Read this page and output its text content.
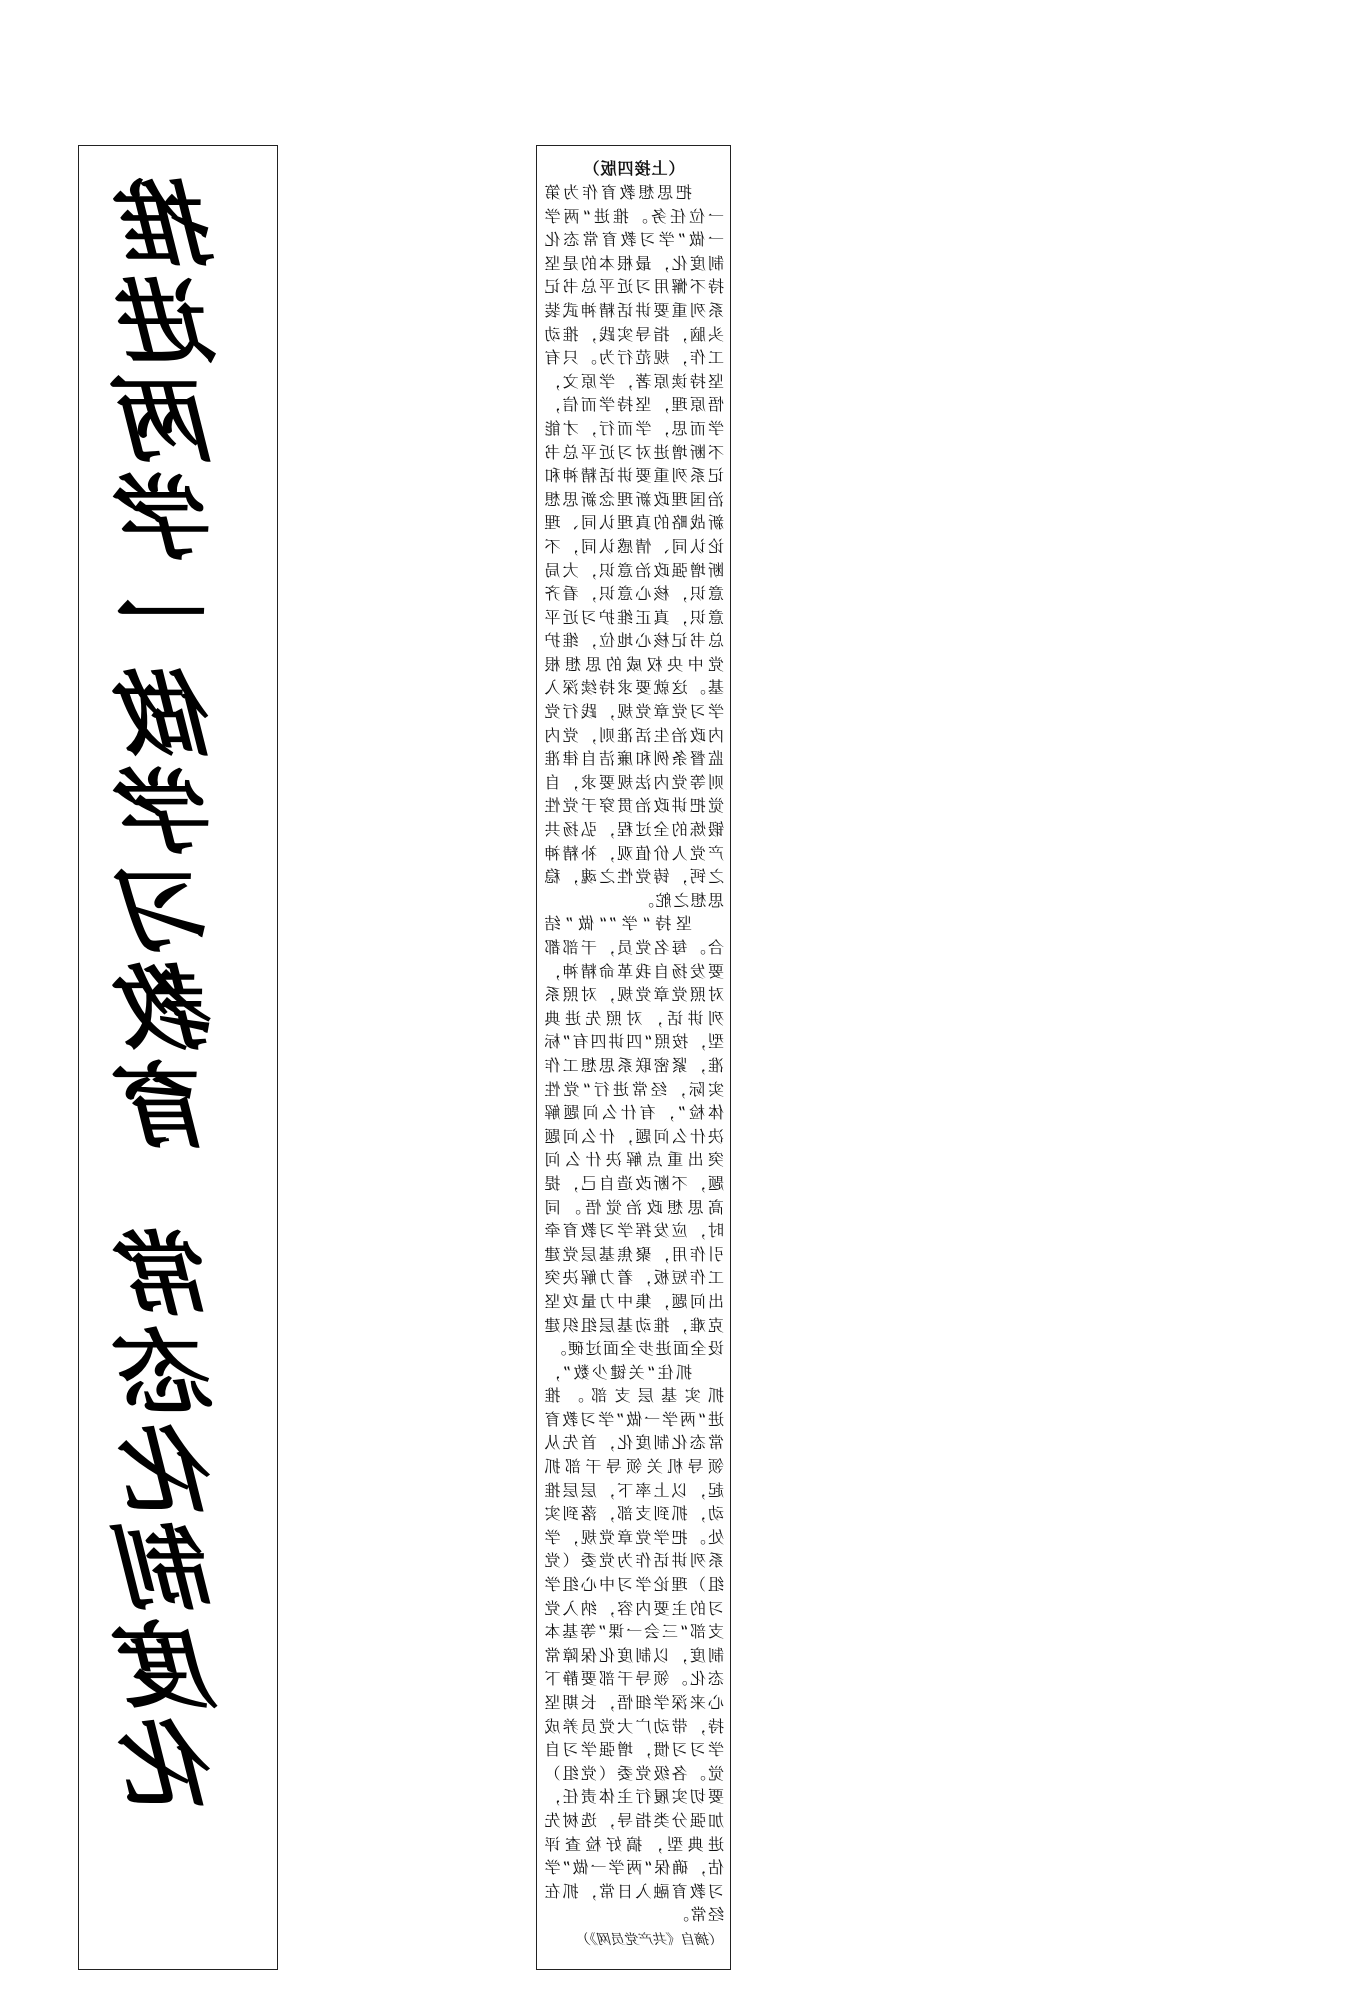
（上接四版）
把思想教育作为第一位任务。推进“两学一做”学习教育常态化制度化，最根本的是坚持不懈用习近平总书记系列重要讲话精神武装头脑，指导实践，推动工作，规范行为。只有坚持读原著，学原文，悟原理，坚持学而信，学而思，学而行，才能不断增进对习近平总书记系列重要讲话精神和治国理政新理念新思想新战略的真理认同、理论认同、情感认同，不断增强政治意识，大局意识，核心意识，看齐意识，真正维护习近平总书记核心地位，维护党中央权威的思想根基。这就要求持续深入学习党章党规，践行党内政治生活准则，党内监督条例和廉洁自律准则等党内法规要求，自觉把讲政治贯穿于党性锻炼的全过程，弘扬共产党人价值观，补精神之钙，铸党性之魂，稳思想之舵。
坚持“学”“做”结合。每名党员，干部都要发扬自我革命精神，对照党章党规，对照系列讲话，对照先进典型，按照“四讲四有”标准，紧密联系思想工作实际，经常进行“党性体检”，有什么问题解决什么问题，什么问题突出重点解决什么问题，不断改造自己，提高思想政治觉悟。同时，应发挥学习教育牵引作用，聚焦基层党建工作短板，着力解决突出问题，集中力量攻坚克难，推动基层组织建设全面进步全面过硬。
抓住“关键少数”，抓实基层支部。推进“两学一做”学习教育常态化制度化，首先从领导机关领导干部抓起，以上率下，层层推动，抓到支部，落到实处。把学党章党规，学系列讲话作为党委（党组）理论学习中心组学习的主要内容，纳入党支部“三会一课”等基本制度，以制度化保障常态化。领导干部要静下心来深学细悟，长期坚持，带动广大党员养成学习习惯，增强学习自觉。各级党委（党组）要切实履行主体责任，加强分类指导，选树先进典型，搞好检查评估，确保“两学一做”学习教育融入日常，抓在经常。
（摘自《共产党员网》）
推进两学一做学习教育常态化制度化
